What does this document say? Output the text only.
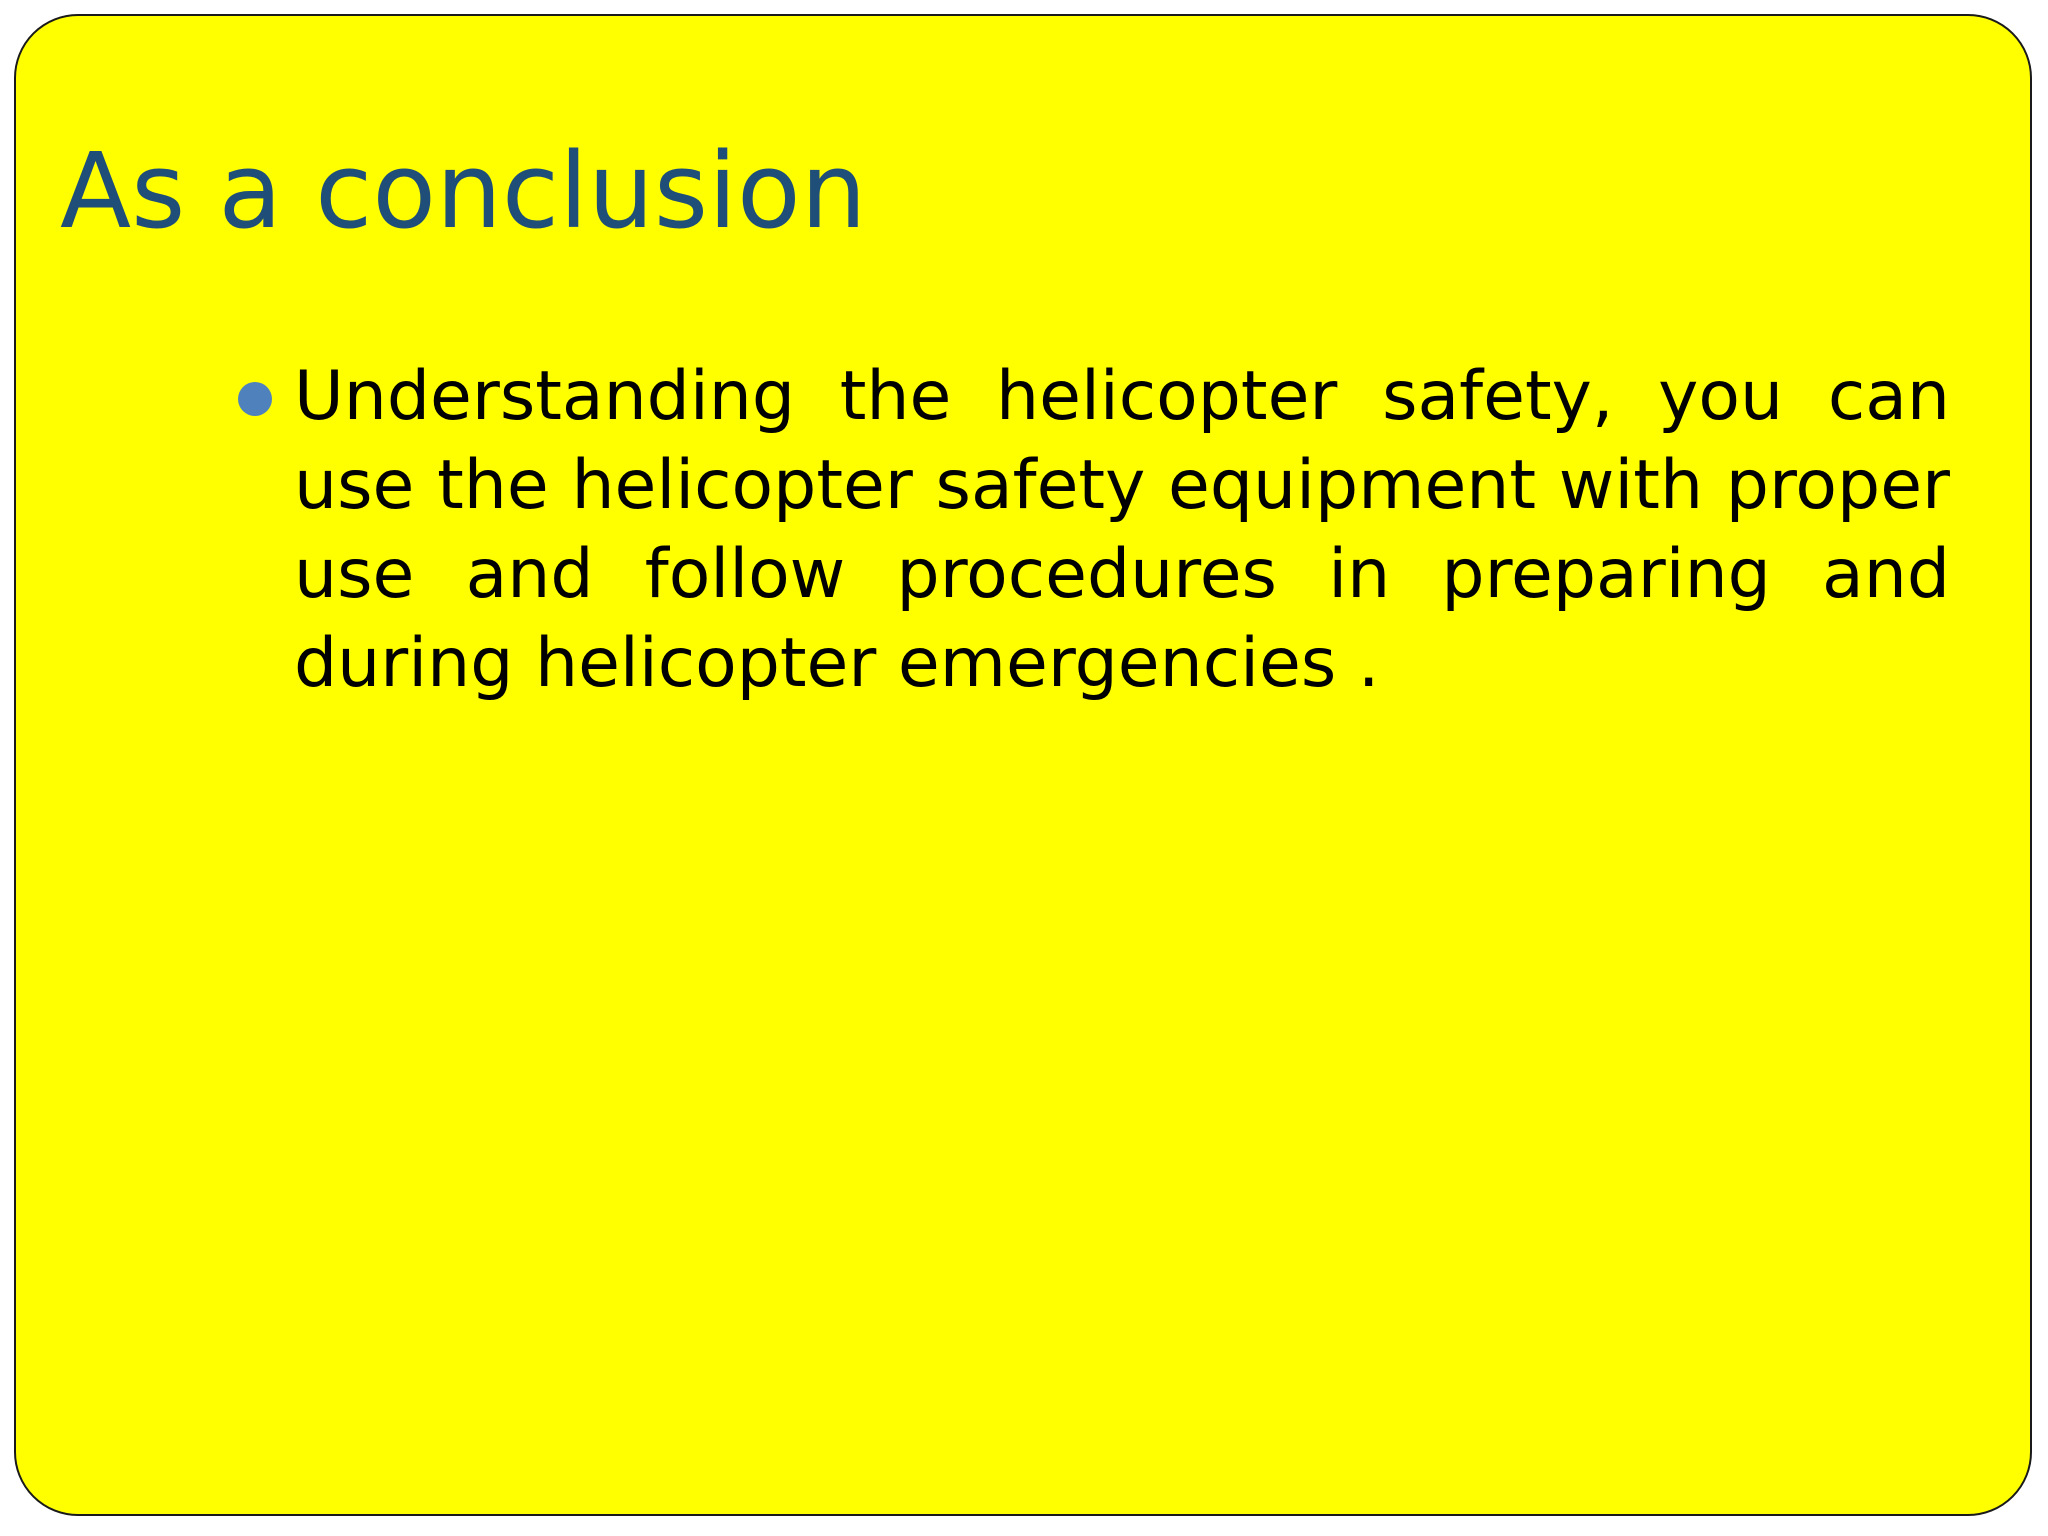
As a conclusion
Understanding the helicopter safety, you can use the helicopter safety equipment with proper use and follow procedures in preparing and during helicopter emergencies .
